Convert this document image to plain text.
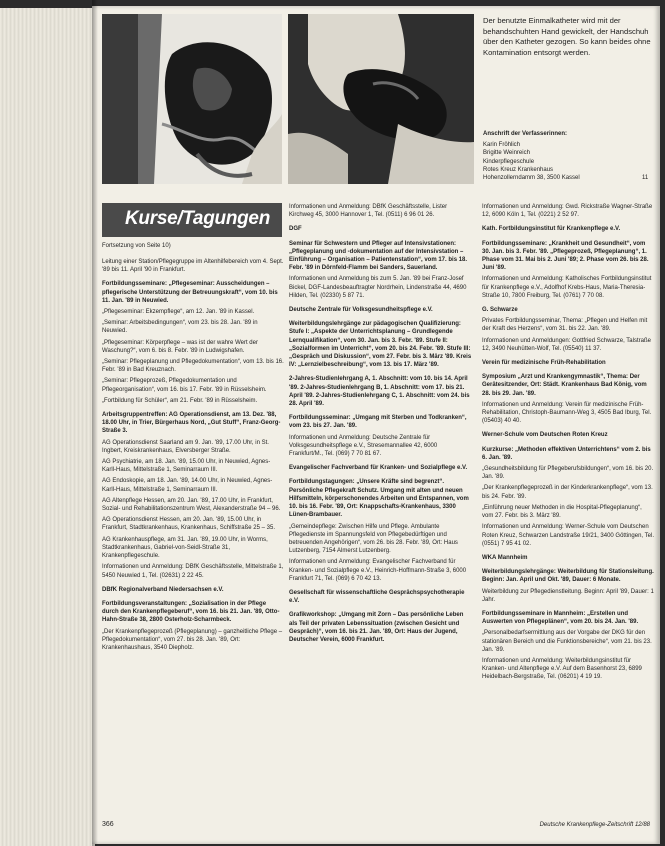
Der benutzte Einmalkatheter wird mit der behandschuhten Hand gewickelt, der Handschuh über den Katheter gezogen. So kann beides ohne Kontamination entsorgt werden.
Anschrift der Verfasserinnen:
Karin Fröhlich
Brigitte Weinreich
Kinderpflegeschule
Rotes Kreuz Krankenhaus
Hohenzollerndamm 38, 3500 Kassel	11
Kurse/Tagungen
Fortsetzung von Seite 10)

Leitung einer Station/Pflegegruppe im Altenhilfebereich vom 4. Sept. '89 bis 11. April '90 in Frankfurt.

Fortbildungsseminare: „Pflegeseminar: Ausscheidungen – pflegerische Unterstützung der Betreuungskraft“, vom 10. bis 11. Jan. '89 in Neuwied.

„Pflegeseminar: Ekzempflege“, am 12. Jan. '89 in Kassel.

„Seminar: Arbeitsbedingungen“, vom 23. bis 28. Jan. '89 in Neuwied.

„Pflegeseminar: Körperpflege – was ist der wahre Wert der Waschung?“, vom 6. bis 8. Febr. '89 in Ludwigshafen.

„Seminar: Pflegeplanung und Pflegedokumentation“, vom 13. bis 16. Febr. '89 in Bad Kreuznach.

„Seminar: Pflegeprozeß, Pflegedokumentation und Pflegeorganisation“, vom 16. bis 17. Febr. '89 in Rüsselsheim.

„Fortbildung für Schüler“, am 21. Febr. '89 in Rüsselsheim.

Arbeitsgruppentreffen: AG Operationsdienst, am 13. Dez. '88, 18.00 Uhr, in Trier, Bürgerhaus Nord, „Gut Stuff“, Franz-Georg-Straße 3.

AG Operationsdienst Saarland am 9. Jan. '89, 17.00 Uhr, in St. Ingbert, Kreiskrankenhaus, Elversberger Straße.

AG Psychiatrie, am 18. Jan. '89, 15.00 Uhr, in Neuwied, Agnes-Karll-Haus, Mittelstraße 1, Seminarraum III.

AG Endoskopie, am 18. Jan. '89, 14.00 Uhr, in Neuwied, Agnes-Karll-Haus, Mittelstraße 1, Seminarraum III.

AG Altenpflege Hessen, am 20. Jan. '89, 17.00 Uhr, in Frankfurt, Sozial- und Rehabilitationszentrum West, Alexanderstraße 94 – 96.

AG Operationsdienst Hessen, am 20. Jan. '89, 15.00 Uhr, in Frankfurt, Stadtkrankenhaus, Krankenhaus, Schiffstraße 25 – 35.

AG Krankenhauspflege, am 31. Jan. '89, 19.00 Uhr, in Worms, Stadtkrankenhaus, Gabriel-von-Seidl-Straße 31, Krankenpflegeschule.

Informationen und Anmeldung: DBfK Geschäftsstelle, Mittelstraße 1, 5450 Neuwied 1, Tel. (02631) 2 22 45.

DBfK Regionalverband Niedersachsen e.V.

Fortbildungsveranstaltungen: „Sozialisation in der Pflege durch den Krankenpflegeberuf“, vom 16. bis 21. Jan. '89, Otto-Hahn-Straße 38, 2800 Osterholz-Scharmbeck.

„Der Krankenpflegeprozeß (Pflegeplanung) – ganzheitliche Pflege – Pflegedokumentation“, vom 27. bis 28. Jan. '89, Ort: Krankenhaushaus, 3540 Diepholz.

Informationen und Anmeldung: DBfK Geschäftsstelle, Lister Kirchweg 45, 3000 Hannover 1, Tel. (0511) 6 96 01 26.

DGF

Seminar für Schwestern und Pfleger auf Intensivstationen: „Pflegeplanung und -dokumentation auf der Intensivstation – Einführung – Organisation – Patientenstation“, vom 17. bis 18. Febr. '89 in Dörnfeld-Flamm bei Sanders, Sauerland.

Informationen und Anmeldung bis zum 5. Jan. '89 bei Franz-Josef Bickel, DGF-Landesbeauftragter Nordrhein, Lindenstraße 44, 4690 Hilden, Tel. (02330) 5 87 71.

Deutsche Zentrale für Volksgesundheitspflege e.V.

Weiterbildungslehrgänge zur pädagogischen Qualifizierung: Stufe I: „Aspekte der Unterrichtsplanung – Grundlegende Lernqualifikation“, vom 30. Jan. bis 3. Febr. '89. Stufe II: „Sozialformen im Unterricht“, vom 20. bis 24. Febr. '89. Stufe III: „Gespräch und Diskussion“, vom 27. Febr. bis 3. März '89. Kreis IV: „Lernzielbeschreibung“, vom 13. bis 17. März '89.

2-Jahres-Studienlehrgang A, 1. Abschnitt: vom 10. bis 14. April '89. 2-Jahres-Studienlehrgang B, 1. Abschnitt: vom 17. bis 21. April '89. 2-Jahres-Studienlehrgang C, 1. Abschnitt: vom 24. bis 28. April '89.

Fortbildungsseminar: „Umgang mit Sterben und Todkranken“, vom 23. bis 27. Jan. '89.

Informationen und Anmeldung: Deutsche Zentrale für Volksgesundheitspflege e.V., Stresemannallee 42, 6000 Frankfurt/M., Tel. (069) 7 70 81 67.

Evangelischer Fachverband für Kranken- und Sozialpflege e.V.

Fortbildungstagungen: „Unsere Kräfte sind begrenzt“. Persönliche Pflegekraft Schutz. Umgang mit alten und neuen Hilfsmitteln, körperschonendes Arbeiten und Entspannen, vom 10. bis 16. Febr. '89, Ort: Knappschafts-Krankenhaus, 3300 Lünen-Brambauer.

„Gemeindepflege: Zwischen Hilfe und Pflege. Ambulante Pflegedienste im Spannungsfeld von Pflegebedürftigen und betreuenden Angehörigen“, vom 26. bis 28. Febr. '89, Ort: Haus Lutzenberg, 7154 Almerst Lutzenberg.

Informationen und Anmeldung: Evangelischer Fachverband für Kranken- und Sozialpflege e.V., Heinrich-Hoffmann-Straße 3, 6000 Frankfurt 71, Tel. (069) 6 70 42 13.

Gesellschaft für wissenschaftliche Gesprächspsychotherapie e.V.

Grafikworkshop: „Umgang mit Zorn – Das persönliche Leben als Teil der privaten Lebenssituation (zwischen Gesicht und Gespräch)“, vom 16. bis 21. Jan. '89, Ort: Haus der Jugend, Deutscher Verein, 6000 Frankfurt.

Informationen und Anmeldung: Gwd. Rickstraße Wagner-Straße 12, 6090 Köln 1, Tel. (0221) 2 52 97.

Kath. Fortbildungsinstitut für Krankenpflege e.V.

Fortbildungsseminare: „Krankheit und Gesundheit“, vom 30. Jan. bis 3. Febr. '89. „Pflegeprozeß, Pflegeplanung“, 1. Phase vom 31. Mai bis 2. Juni '89; 2. Phase vom 26. bis 28. Juni '89.

Informationen und Anmeldung: Katholisches Fortbildungsinstitut für Krankenpflege e.V., Adolfhof Krebs-Haus, Maria-Theresia-Straße 10, 7800 Freiburg, Tel. (0761) 7 70 08.

G. Schwarze

Privates Fortbildungsseminar, Thema: „Pflegen und Helfen mit der Kraft des Herzens“, vom 31. bis 22. Jan. '89.

Informationen und Anmeldungen: Gottfried Schwarze, Talstraße 12, 3490 Neuhütten-Wolf, Tel. (05540) 11 37.

Verein für medizinische Früh-Rehabilitation

Symposium „Arzt und Krankengymnastik“, Thema: Der Gerätesitzender, Ort: Städt. Krankenhaus Bad König, vom 28. bis 29. Jan. '89.

Informationen und Anmeldung: Verein für medizinische Früh-Rehabilitation, Christoph-Baumann-Weg 3, 4505 Bad Iburg, Tel. (05403) 40 40.

Werner-Schule vom Deutschen Roten Kreuz

Kurzkurse: „Methoden effektiven Unterrichtens“ vom 2. bis 6. Jan. '89.

„Gesundheitsbildung für Pflegeberufsbildungen“, vom 16. bis 20. Jan. '89.

„Der Krankenpflegeprozeß in der Kinderkrankenpflege“, vom 13. bis 24. Febr. '89.

„Einführung neuer Methoden in die Hospital-Pflegeplanung“, vom 27. Febr. bis 3. März '89.

Informationen und Anmeldung: Werner-Schule vom Deutschen Roten Kreuz, Schwarzen Landstraße 19/21, 3400 Göttingen, Tel. (0551) 7 95 41 02.

WKA Mannheim

Weiterbildungslehrgänge: Weiterbildung für Stationsleitung. Beginn: Jan. April und Okt. '89, Dauer: 6 Monate.

Weiterbildung zur Pflegedienstleitung. Beginn: April '89, Dauer: 1 Jahr.

Fortbildungsseminare in Mannheim: „Erstellen und Auswerten von Pflegeplänen“, vom 20. bis 24. Jan. '89.

„Personalbedarfsermittlung aus der Vorgabe der DKG für den stationären Bereich und die Funktionsbereiche“, vom 21. bis 23. Jan. '89.

Informationen und Anmeldung: Weiterbildungsinstitut für Kranken- und Altenpflege e.V. Auf dem Basenhorst 23, 6899 Heidelbach-Bergstraße, Tel. (06201) 4 19 19.

366	Deutsche Krankenpflege-Zeitschrift 12/88
